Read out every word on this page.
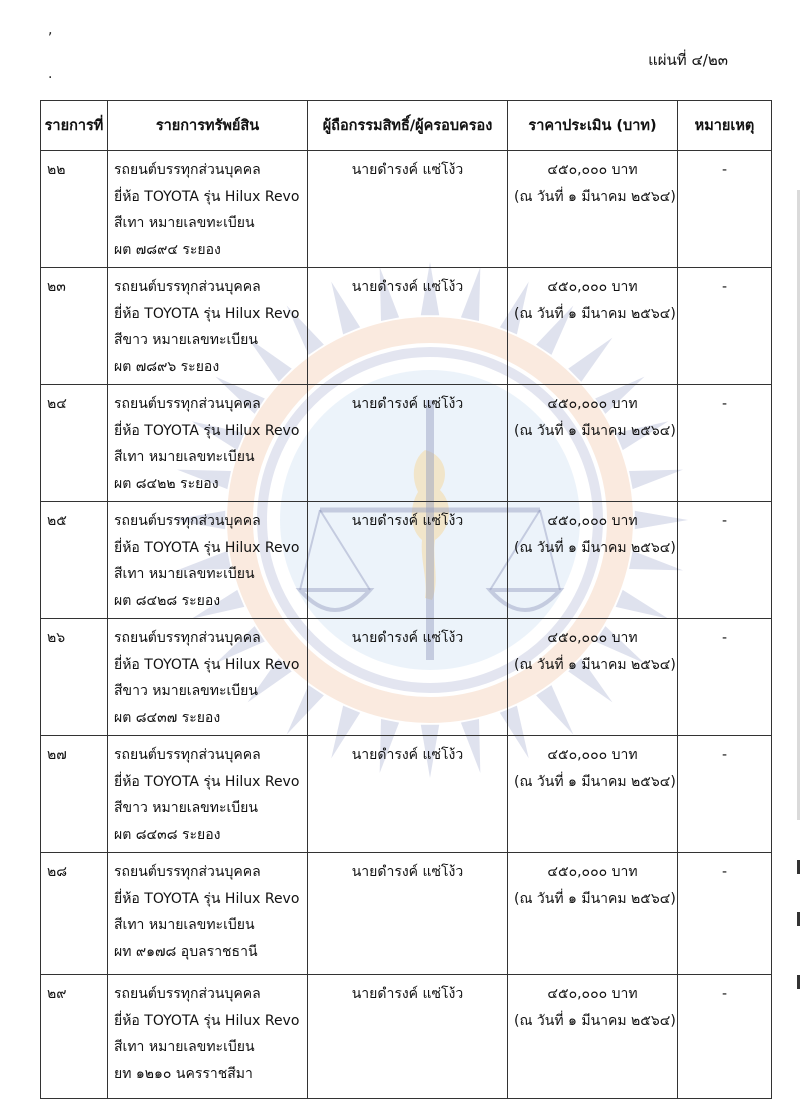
,
.
แผ่นที่ ๔/๒๓
รายการที่	รายการทรัพย์สิน	ผู้ถือกรรมสิทธิ์/ผู้ครอบครอง	ราคาประเมิน (บาท)	หมายเหตุ
๒๒	รถยนต์บรรทุกส่วนบุคคล
ยี่ห้อ TOYOTA รุ่น Hilux Revo
สีเทา หมายเลขทะเบียน
ผต ๗๘๙๔ ระยอง	นายดำรงค์ แซ่โง้ว	๔๕๐,๐๐๐ บาท
(ณ วันที่ ๑ มีนาคม ๒๕๖๔)	-
๒๓	รถยนต์บรรทุกส่วนบุคคล
ยี่ห้อ TOYOTA รุ่น Hilux Revo
สีขาว หมายเลขทะเบียน
ผต ๗๘๙๖ ระยอง	นายดำรงค์ แซ่โง้ว	๔๕๐,๐๐๐ บาท
(ณ วันที่ ๑ มีนาคม ๒๕๖๔)	-
๒๔	รถยนต์บรรทุกส่วนบุคคล
ยี่ห้อ TOYOTA รุ่น Hilux Revo
สีเทา หมายเลขทะเบียน
ผต ๘๔๒๒ ระยอง	นายดำรงค์ แซ่โง้ว	๔๕๐,๐๐๐ บาท
(ณ วันที่ ๑ มีนาคม ๒๕๖๔)	-
๒๕	รถยนต์บรรทุกส่วนบุคคล
ยี่ห้อ TOYOTA รุ่น Hilux Revo
สีเทา หมายเลขทะเบียน
ผต ๘๔๒๘ ระยอง	นายดำรงค์ แซ่โง้ว	๔๕๐,๐๐๐ บาท
(ณ วันที่ ๑ มีนาคม ๒๕๖๔)	-
๒๖	รถยนต์บรรทุกส่วนบุคคล
ยี่ห้อ TOYOTA รุ่น Hilux Revo
สีขาว หมายเลขทะเบียน
ผต ๘๔๓๗ ระยอง	นายดำรงค์ แซ่โง้ว	๔๕๐,๐๐๐ บาท
(ณ วันที่ ๑ มีนาคม ๒๕๖๔)	-
๒๗	รถยนต์บรรทุกส่วนบุคคล
ยี่ห้อ TOYOTA รุ่น Hilux Revo
สีขาว หมายเลขทะเบียน
ผต ๘๔๓๘ ระยอง	นายดำรงค์ แซ่โง้ว	๔๕๐,๐๐๐ บาท
(ณ วันที่ ๑ มีนาคม ๒๕๖๔)	-
๒๘	รถยนต์บรรทุกส่วนบุคคล
ยี่ห้อ TOYOTA รุ่น Hilux Revo
สีเทา หมายเลขทะเบียน
ผท ๙๑๗๘ อุบลราชธานี	นายดำรงค์ แซ่โง้ว	๔๕๐,๐๐๐ บาท
(ณ วันที่ ๑ มีนาคม ๒๕๖๔)	-
๒๙	รถยนต์บรรทุกส่วนบุคคล
ยี่ห้อ TOYOTA รุ่น Hilux Revo
สีเทา หมายเลขทะเบียน
ยท ๑๒๑๐ นครราชสีมา	นายดำรงค์ แซ่โง้ว	๔๕๐,๐๐๐ บาท
(ณ วันที่ ๑ มีนาคม ๒๕๖๔)	-
